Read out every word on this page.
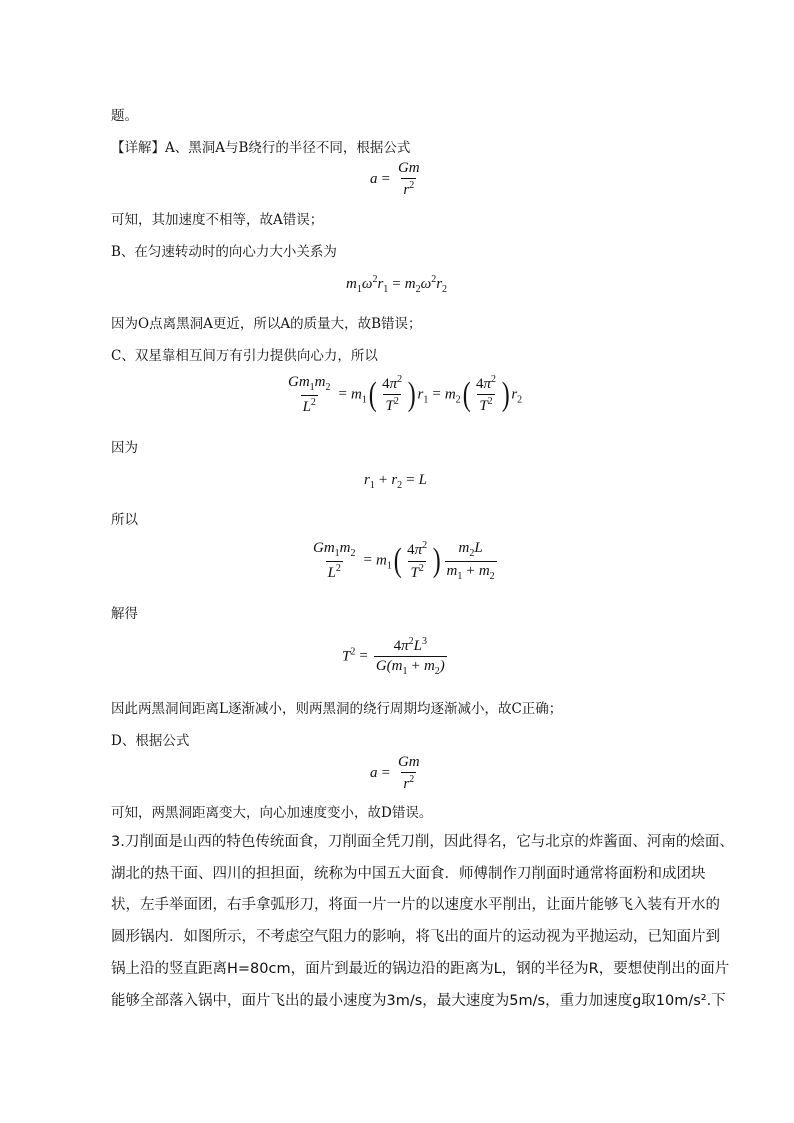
题。
【详解】A、黑洞A与B绕行的半径不同，根据公式
$a = \frac{Gm}{r^2}$
可知，其加速度不相等，故A错误；
B、在匀速转动时的向心力大小关系为
$m_1\omega^2r_1 = m_2\omega^2r_2$
因为O点离黑洞A更近，所以A的质量大，故B错误；
C、双星靠相互间万有引力提供向心力，所以
$\frac{Gm_1m_2}{L^2} = m_1( \frac{4\pi^2}{T^2}$ ) $r_1 = m_2( \frac{4\pi^2}{T^2}$ ) $r_2$
因为
$r_1 + r_2 = L$
所以
$\frac{Gm_1m_2}{L^2} = m_1( \frac{4\pi^2}{T^2}$ ) $\frac{m_2L}{m_1 + m_2}$
解得
$T^2 = \frac{4\pi^2L^3}{G(m_1 + m_2)}$
因此两黑洞间距离L逐渐减小，则两黑洞的绕行周期均逐渐减小，故C正确；
D、根据公式
$a = \frac{Gm}{r^2}$
可知，两黑洞距离变大，向心加速度变小，故D错误。
3.刀削面是山西的特色传统面食，刀削面全凭刀削，因此得名，它与北京的炸酱面、河南的烩面、
湖北的热干面、四川的担担面，统称为中国五大面食．师傅制作刀削面时通常将面粉和成团块
状，左手举面团，右手拿弧形刀，将面一片一片的以速度水平削出，让面片能够飞入装有开水的
圆形锅内．如图所示，不考虑空气阻力的影响，将飞出的面片的运动视为平抛运动，已知面片到
锅上沿的竖直距离H=80cm，面片到最近的锅边沿的距离为L，钢的半径为R，要想使削出的面片
能够全部落入锅中，面片飞出的最小速度为3m/s，最大速度为5m/s，重力加速度g取10m/s².下
